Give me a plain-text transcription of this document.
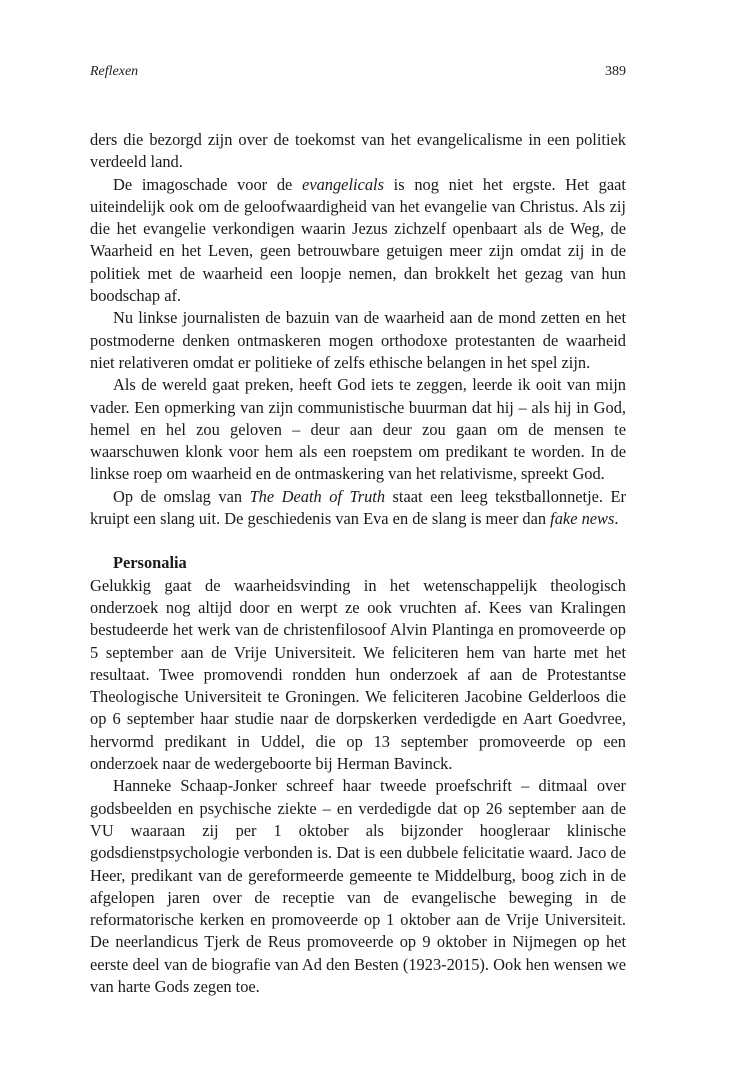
Reflexen	389

ders die bezorgd zijn over de toekomst van het evangelicalisme in een politiek verdeeld land.

De imagoschade voor de evangelicals is nog niet het ergste. Het gaat uiteindelijk ook om de geloofwaardigheid van het evangelie van Christus. Als zij die het evangelie verkondigen waarin Jezus zichzelf openbaart als de Weg, de Waarheid en het Leven, geen betrouwbare getuigen meer zijn omdat zij in de politiek met de waarheid een loopje nemen, dan brokkelt het gezag van hun boodschap af.

Nu linkse journalisten de bazuin van de waarheid aan de mond zetten en het postmoderne denken ontmaskeren mogen orthodoxe protestanten de waarheid niet relativeren omdat er politieke of zelfs ethische belangen in het spel zijn.

Als de wereld gaat preken, heeft God iets te zeggen, leerde ik ooit van mijn vader. Een opmerking van zijn communistische buurman dat hij – als hij in God, hemel en hel zou geloven – deur aan deur zou gaan om de mensen te waarschuwen klonk voor hem als een roepstem om predikant te worden. In de linkse roep om waarheid en de ontmaskering van het relativisme, spreekt God.

Op de omslag van The Death of Truth staat een leeg tekstballonnetje. Er kruipt een slang uit. De geschiedenis van Eva en de slang is meer dan fake news.

Personalia

Gelukkig gaat de waarheidsvinding in het wetenschappelijk theologisch onderzoek nog altijd door en werpt ze ook vruchten af. Kees van Kralingen bestudeerde het werk van de christenfilosoof Alvin Plantinga en promoveerde op 5 september aan de Vrije Universiteit. We feliciteren hem van harte met het resultaat. Twee promovendi rondden hun onderzoek af aan de Protestantse Theologische Universiteit te Groningen. We feliciteren Jacobine Gelderloos die op 6 september haar studie naar de dorpskerken verdedigde en Aart Goedvree, hervormd predikant in Uddel, die op 13 september promoveerde op een onderzoek naar de wedergeboorte bij Herman Bavinck.

Hanneke Schaap-Jonker schreef haar tweede proefschrift – ditmaal over godsbeelden en psychische ziekte – en verdedigde dat op 26 september aan de VU waaraan zij per 1 oktober als bijzonder hoogleraar klinische godsdienstpsychologie verbonden is. Dat is een dubbele felicitatie waard. Jaco de Heer, predikant van de gereformeerde gemeente te Middelburg, boog zich in de afgelopen jaren over de receptie van de evangelische beweging in de reformatorische kerken en promoveerde op 1 oktober aan de Vrije Universiteit. De neerlandicus Tjerk de Reus promoveerde op 9 oktober in Nijmegen op het eerste deel van de biografie van Ad den Besten (1923-2015). Ook hen wensen we van harte Gods zegen toe.
